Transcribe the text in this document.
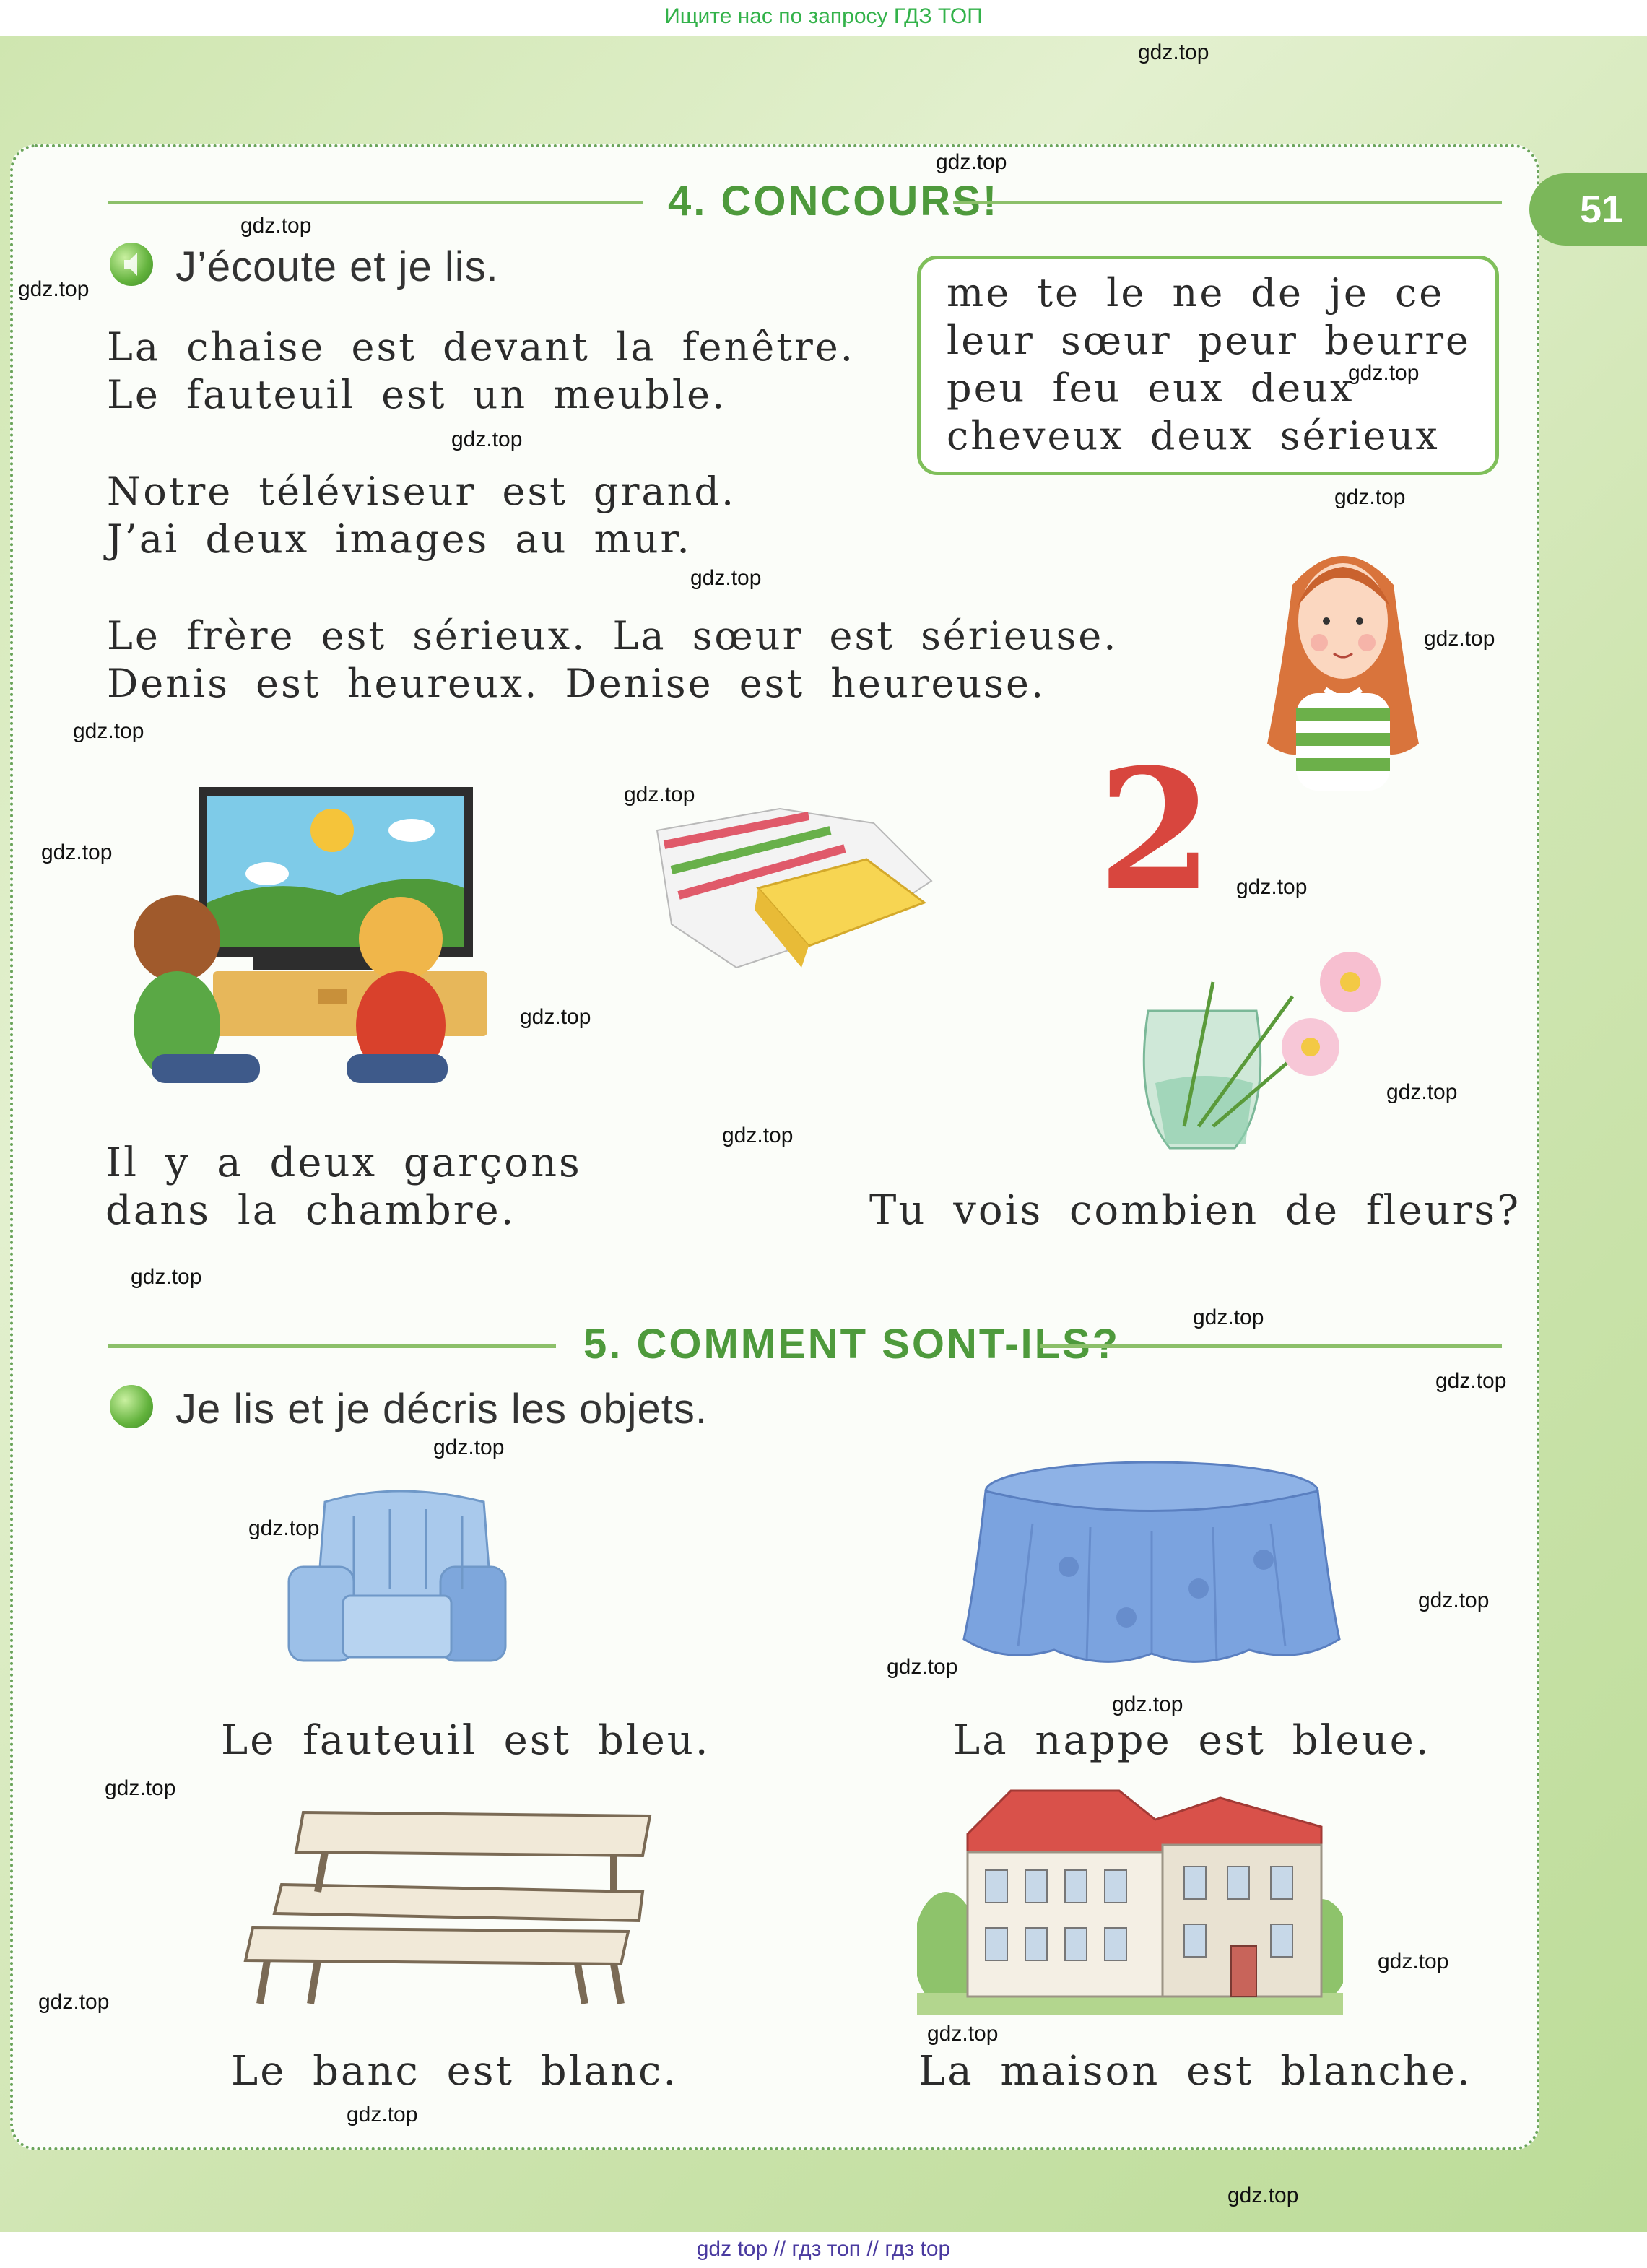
Ищите нас по запросу ГДЗ ТОП
51
4. CONCOURS!
J’écoute et je lis.
La chaise est devant la fenêtre.
Le fauteuil est un meuble.
Notre téléviseur est grand.
J’ai deux images au mur.
Le frère est sérieux. La sœur est sérieuse.
Denis est heureux. Denise est heureuse.
me te le ne de je ce
leur sœur peur beurre
peu feu eux deux
cheveux deux sérieux
2
Il y a deux garçons
dans la chambre.	Tu vois combien de fleurs?
5. COMMENT SONT-ILS?
Je lis et je décris les objets.
Le fauteuil est bleu.	La nappe est bleue.
Le banc est blanc.	La maison est blanche.
gdz.top
gdz.top
gdz.top
gdz.top
gdz.top
gdz.top
gdz.top
gdz.top
gdz.top
gdz.top
gdz.top
gdz.top
gdz.top
gdz.top
gdz.top
gdz.top
gdz.top
gdz.top
gdz.top
gdz.top
gdz.top
gdz.top
gdz.top
gdz.top
gdz.top
gdz.top
gdz.top
gdz.top
gdz.top
gdz.top
gdz top // гдз топ // гдз top
